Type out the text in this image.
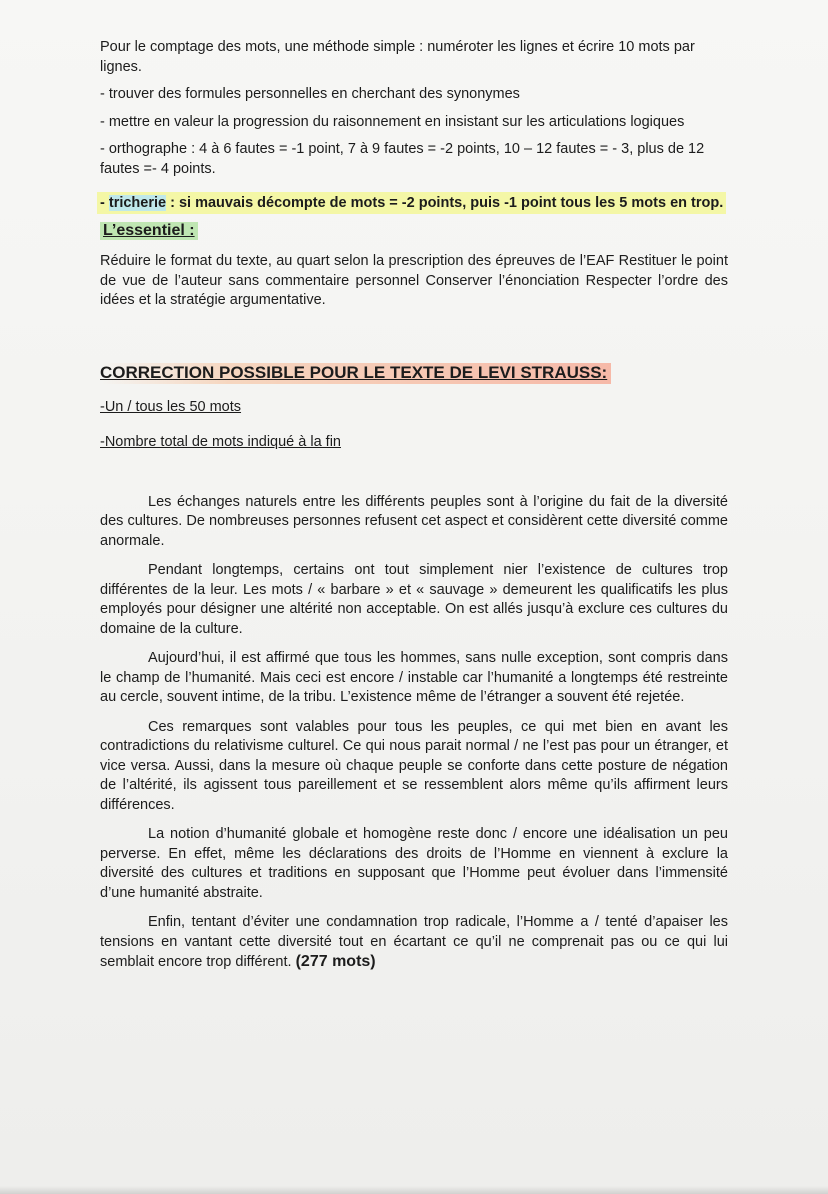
Pour le comptage des mots, une méthode simple : numéroter les lignes et écrire 10 mots par lignes.

- trouver des formules personnelles en cherchant des synonymes

- mettre en valeur la progression du raisonnement en insistant sur les articulations logiques

- orthographe : 4 à 6 fautes = -1 point, 7 à 9 fautes = -2 points, 10 – 12 fautes = - 3, plus de 12 fautes =- 4 points.

- tricherie : si mauvais décompte de mots = -2 points, puis -1 point tous les 5 mots en trop.
L’essentiel :

Réduire le format du texte, au quart selon la prescription des épreuves de l’EAF Restituer le point de vue de l’auteur sans commentaire personnel Conserver l’énonciation Respecter l’ordre des idées et la stratégie argumentative.

CORRECTION POSSIBLE POUR LE TEXTE DE LEVI STRAUSS:

-Un / tous les 50 mots

-Nombre total de mots indiqué à la fin

Les échanges naturels entre les différents peuples sont à l’origine du fait de la diversité des cultures. De nombreuses personnes refusent cet aspect et considèrent cette diversité comme anormale.

Pendant longtemps, certains ont tout simplement nier l’existence de cultures trop différentes de la leur. Les mots / « barbare » et « sauvage » demeurent les qualificatifs les plus employés pour désigner une altérité non acceptable. On est allés jusqu’à exclure ces cultures du domaine de la culture.

Aujourd’hui, il est affirmé que tous les hommes, sans nulle exception, sont compris dans le champ de l’humanité. Mais ceci est encore / instable car l’humanité a longtemps été restreinte au cercle, souvent intime, de la tribu. L’existence même de l’étranger a souvent été rejetée.

Ces remarques sont valables pour tous les peuples, ce qui met bien en avant les contradictions du relativisme culturel. Ce qui nous parait normal / ne l’est pas pour un étranger, et vice versa. Aussi, dans la mesure où chaque peuple se conforte dans cette posture de négation de l’altérité, ils agissent tous pareillement et se ressemblent alors même qu’ils affirment leurs différences.

La notion d’humanité globale et homogène reste donc / encore une idéalisation un peu perverse. En effet, même les déclarations des droits de l’Homme en viennent à exclure la diversité des cultures et traditions en supposant que l’Homme peut évoluer dans l’immensité d’une humanité abstraite.

Enfin, tentant d’éviter une condamnation trop radicale, l’Homme a / tenté d’apaiser les tensions en vantant cette diversité tout en écartant ce qu’il ne comprenait pas ou ce qui lui semblait encore trop différent. (277 mots)
